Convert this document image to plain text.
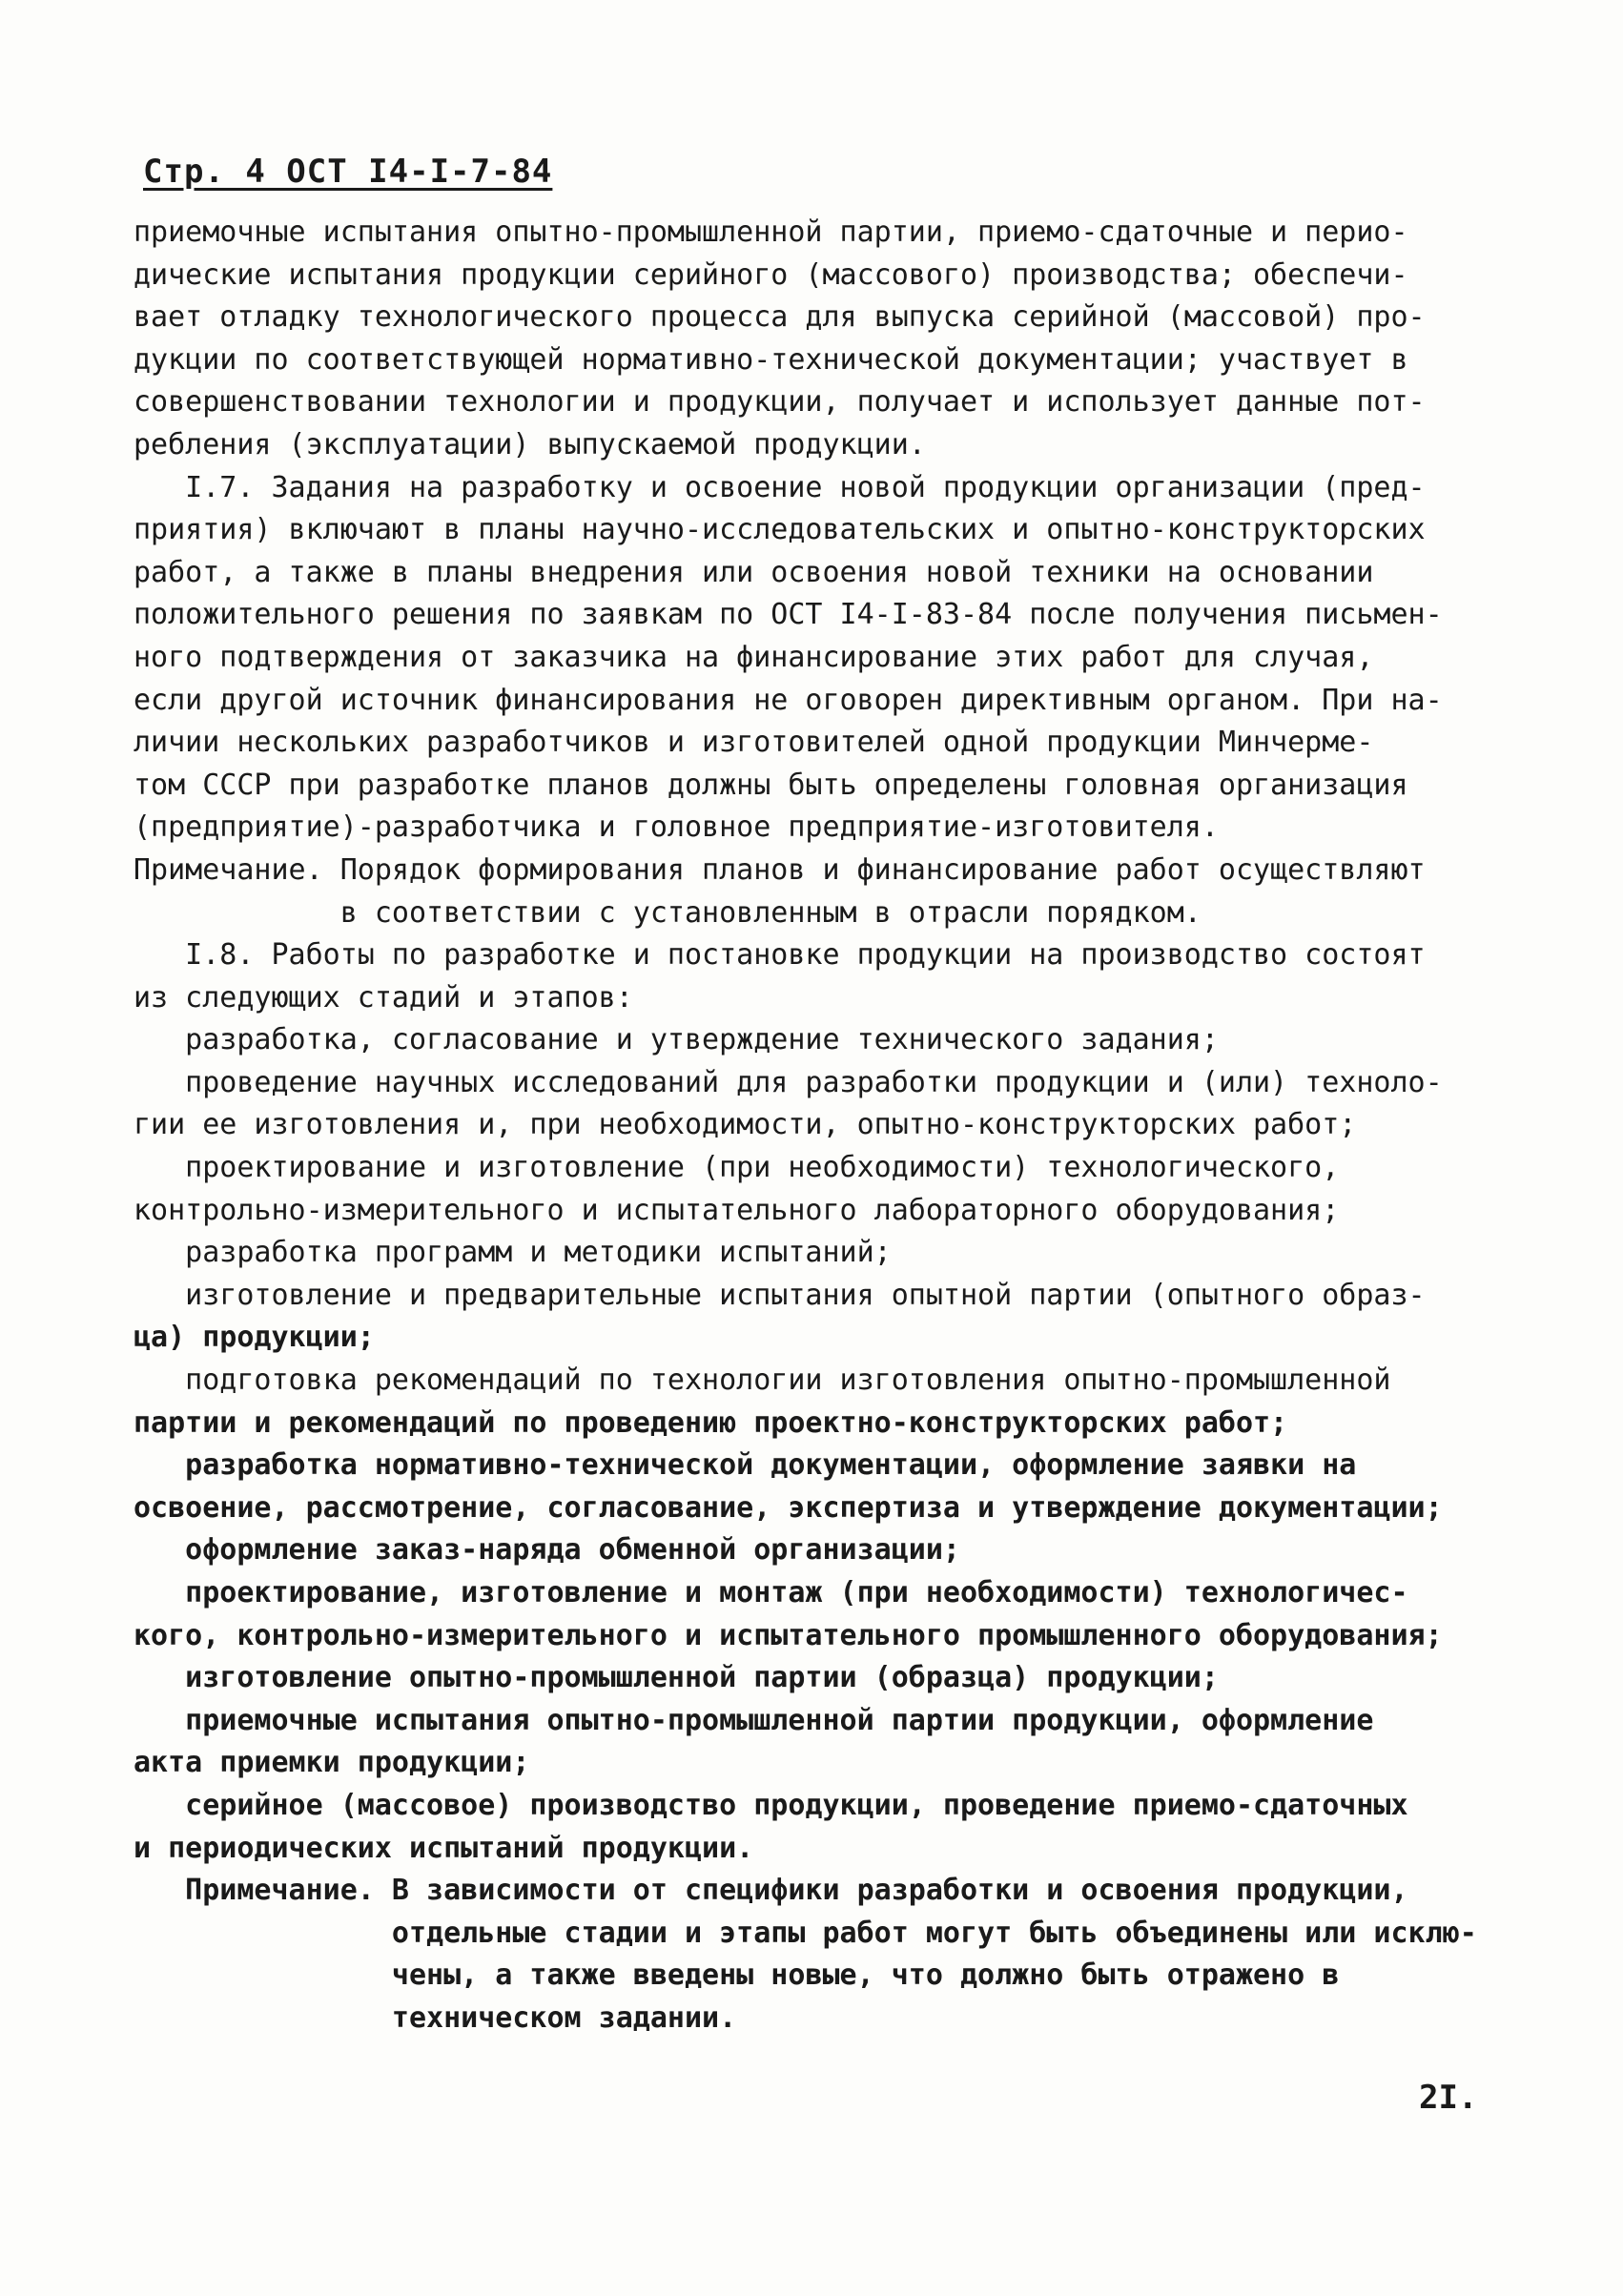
Стр. 4 ОСТ I4-I-7-84
приемочные испытания опытно-промышленной партии, приемо-сдаточные и перио-
дические испытания продукции серийного (массового) производства; обеспечи-
вает отладку технологического процесса для выпуска серийной (массовой) про-
дукции по соответствующей нормативно-технической документации; участвует в
совершенствовании технологии и продукции, получает и использует данные пот-
ребления (эксплуатации) выпускаемой продукции.
I.7. Задания на разработку и освоение новой продукции организации (пред-
приятия) включают в планы научно-исследовательских и опытно-конструкторских
работ, а также в планы внедрения или освоения новой техники на основании
положительного решения по заявкам по ОСТ I4-I-83-84 после получения письмен-
ного подтверждения от заказчика на финансирование этих работ для случая,
если другой источник финансирования не оговорен директивным органом. При на-
личии нескольких разработчиков и изготовителей одной продукции Минчерме-
том СССР при разработке планов должны быть определены головная организация
(предприятие)-разработчика и головное предприятие-изготовителя.
Примечание. Порядок формирования планов и финансирование работ осуществляют
в соответствии с установленным в отрасли порядком.
I.8. Работы по разработке и постановке продукции на производство состоят
из следующих стадий и этапов:
разработка, согласование и утверждение технического задания;
проведение научных исследований для разработки продукции и (или) техноло-
гии ее изготовления и, при необходимости, опытно-конструкторских работ;
проектирование и изготовление (при необходимости) технологического,
контрольно-измерительного и испытательного лабораторного оборудования;
разработка программ и методики испытаний;
изготовление и предварительные испытания опытной партии (опытного образ-
ца) продукции;
подготовка рекомендаций по технологии изготовления опытно-промышленной
партии и рекомендаций по проведению проектно-конструкторских работ;
разработка нормативно-технической документации, оформление заявки на
освоение, рассмотрение, согласование, экспертиза и утверждение документации;
оформление заказ-наряда обменной организации;
проектирование, изготовление и монтаж (при необходимости) технологичес-
кого, контрольно-измерительного и испытательного промышленного оборудования;
изготовление опытно-промышленной партии (образца) продукции;
приемочные испытания опытно-промышленной партии продукции, оформление
акта приемки продукции;
серийное (массовое) производство продукции, проведение приемо-сдаточных
и периодических испытаний продукции.
Примечание. В зависимости от специфики разработки и освоения продукции,
отдельные стадии и этапы работ могут быть объединены или исклю-
чены, а также введены новые, что должно быть отражено в
техническом задании.
2I.
